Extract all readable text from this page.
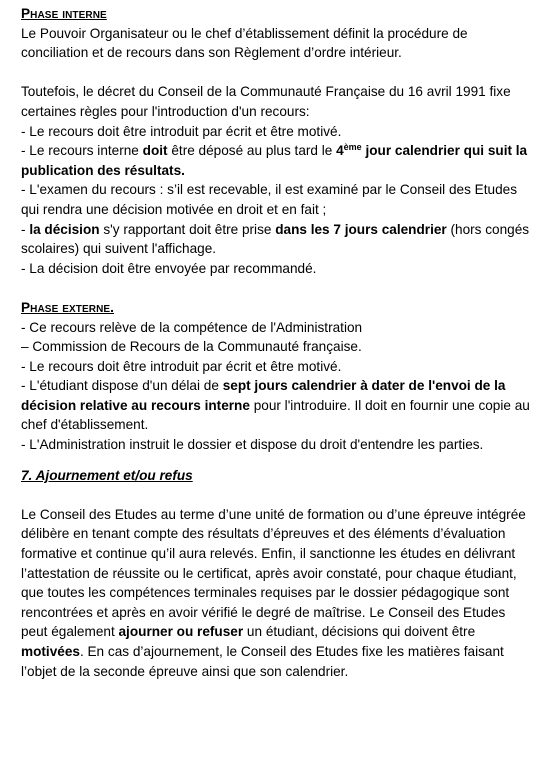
Phase interne

Le Pouvoir Organisateur ou le chef d’établissement définit la procédure de conciliation et de recours dans son Règlement d’ordre intérieur.

Toutefois, le décret du Conseil de la Communauté Française du 16 avril 1991 fixe certaines règles pour l'introduction d'un recours:

- Le recours doit être introduit par écrit et être motivé.

- Le recours interne doit être déposé au plus tard le 4ème jour calendrier qui suit la publication des résultats.

- L'examen du recours : s’il est recevable, il est examiné par le Conseil des Etudes qui rendra une décision motivée en droit et en fait ;

- la décision s'y rapportant doit être prise dans les 7 jours calendrier (hors congés scolaires) qui suivent l'affichage.

- La décision doit être envoyée par recommandé.

Phase externe.

- Ce recours relève de la compétence de l'Administration

– Commission de Recours de la Communauté française.

- Le recours doit être introduit par écrit et être motivé.

- L'étudiant dispose d'un délai de sept jours calendrier à dater de l'envoi de la décision relative au recours interne pour l'introduire. Il doit en fournir une copie au chef d'établissement.

- L'Administration instruit le dossier et dispose du droit d'entendre les parties.

7. Ajournement et/ou refus

Le Conseil des Etudes au terme d’une unité de formation ou d’une épreuve intégrée délibère en tenant compte des résultats d’épreuves et des éléments d’évaluation formative et continue qu’il aura relevés. Enfin, il sanctionne les études en délivrant l’attestation de réussite ou le certificat, après avoir constaté, pour chaque étudiant, que toutes les compétences terminales requises par le dossier pédagogique sont rencontrées et après en avoir vérifié le degré de maîtrise. Le Conseil des Etudes peut également ajourner ou refuser un étudiant, décisions qui doivent être motivées. En cas d’ajournement, le Conseil des Etudes fixe les matières faisant l’objet de la seconde épreuve ainsi que son calendrier.
